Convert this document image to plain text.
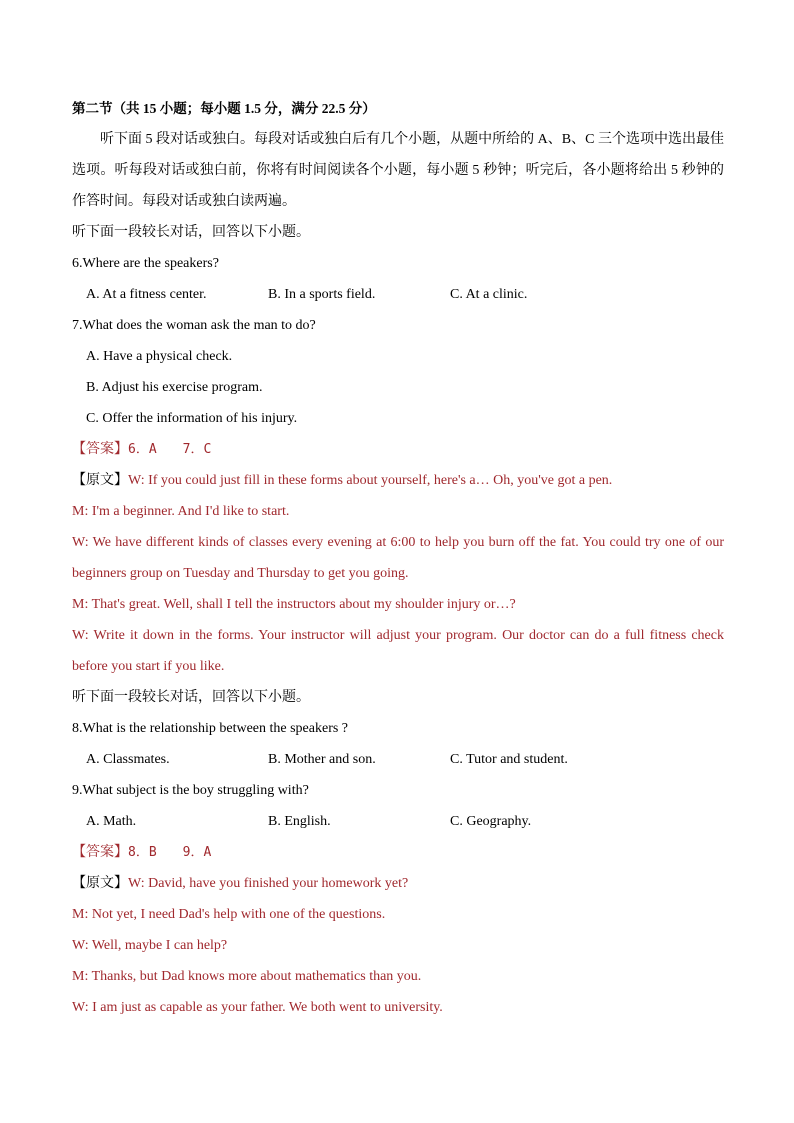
第二节（共 15 小题；每小题 1.5 分，满分 22.5 分）
听下面 5 段对话或独白。每段对话或独白后有几个小题，从题中所给的 A、B、C 三个选项中选出最佳
选项。听每段对话或独白前，你将有时间阅读各个小题，每小题 5 秒钟；听完后，各小题将给出 5 秒钟的
作答时间。每段对话或独白读两遍。
听下面一段较长对话，回答以下小题。
6.Where are the speakers?
A. At a fitness center.	B. In a sports field.	C. At a clinic.
7.What does the woman ask the man to do?
A. Have a physical check.
B. Adjust his exercise program.
C. Offer the information of his injury.
【答案】6．A　　7．C
【原文】W: If you could just fill in these forms about yourself, here's a… Oh, you've got a pen.
M: I'm a beginner. And I'd like to start.
W: We have different kinds of classes every evening at 6:00 to help you burn off the fat. You could try one of our
beginners group on Tuesday and Thursday to get you going.
M: That's great. Well, shall I tell the instructors about my shoulder injury or…?
W: Write it down in the forms. Your instructor will adjust your program. Our doctor can do a full fitness check
before you start if you like.
听下面一段较长对话，回答以下小题。
8.What is the relationship between the speakers ?
A. Classmates.	B. Mother and son.	C. Tutor and student.
9.What subject is the boy struggling with?
A. Math.	B. English.	C. Geography.
【答案】8．B　　9．A
【原文】W: David, have you finished your homework yet?
M: Not yet, I need Dad's help with one of the questions.
W: Well, maybe I can help?
M: Thanks, but Dad knows more about mathematics than you.
W: I am just as capable as your father. We both went to university.
